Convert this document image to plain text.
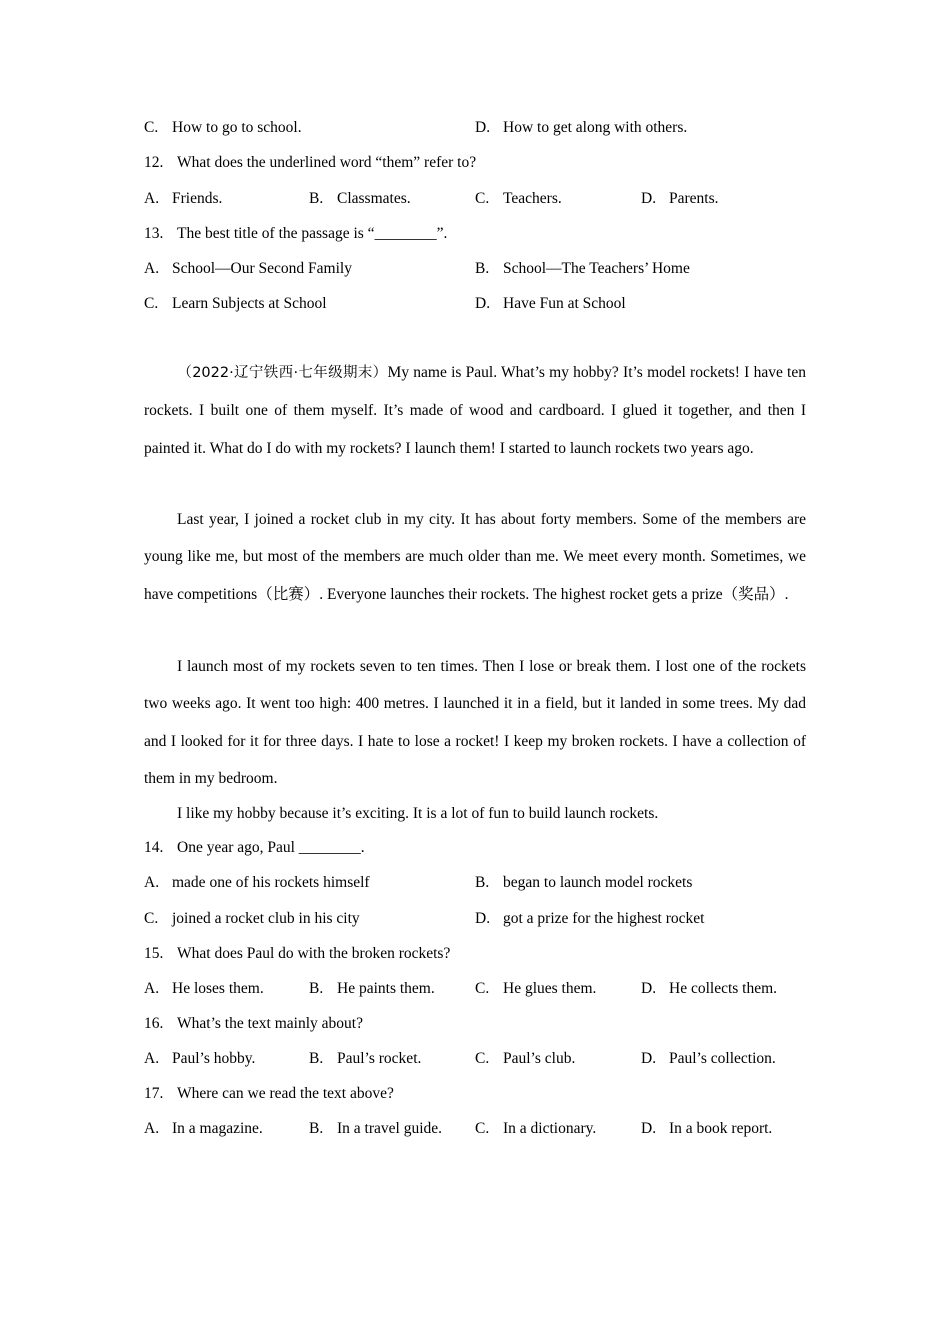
C. How to go to school.	D. How to get along with others.
12. What does the underlined word “them” refer to?
A. Friends.	B. Classmates.	C. Teachers.	D. Parents.
13. The best title of the passage is “________”.
A. School—Our Second Family	B. School—The Teachers’ Home
C. Learn Subjects at School	D. Have Fun at School
（2022·辽宁铁西·七年级期末）My name is Paul. What’s my hobby? It’s model rockets! I have ten rockets. I built one of them myself. It’s made of wood and cardboard. I glued it together, and then I painted it. What do I do with my rockets? I launch them! I started to launch rockets two years ago.
Last year, I joined a rocket club in my city. It has about forty members. Some of the members are young like me, but most of the members are much older than me. We meet every month. Sometimes, we have competitions（比赛）. Everyone launches their rockets. The highest rocket gets a prize（奖品）.
I launch most of my rockets seven to ten times. Then I lose or break them. I lost one of the rockets two weeks ago. It went too high: 400 metres. I launched it in a field, but it landed in some trees. My dad and I looked for it for three days. I hate to lose a rocket! I keep my broken rockets. I have a collection of them in my bedroom.
I like my hobby because it’s exciting. It is a lot of fun to build launch rockets.
14. One year ago, Paul ________.
A. made one of his rockets himself	B. began to launch model rockets
C. joined a rocket club in his city	D. got a prize for the highest rocket
15. What does Paul do with the broken rockets?
A. He loses them.	B. He paints them.	C. He glues them.	D. He collects them.
16. What’s the text mainly about?
A. Paul’s hobby.	B. Paul’s rocket.	C. Paul’s club.	D. Paul’s collection.
17. Where can we read the text above?
A. In a magazine.	B. In a travel guide. C. In a dictionary.	D. In a book report.
